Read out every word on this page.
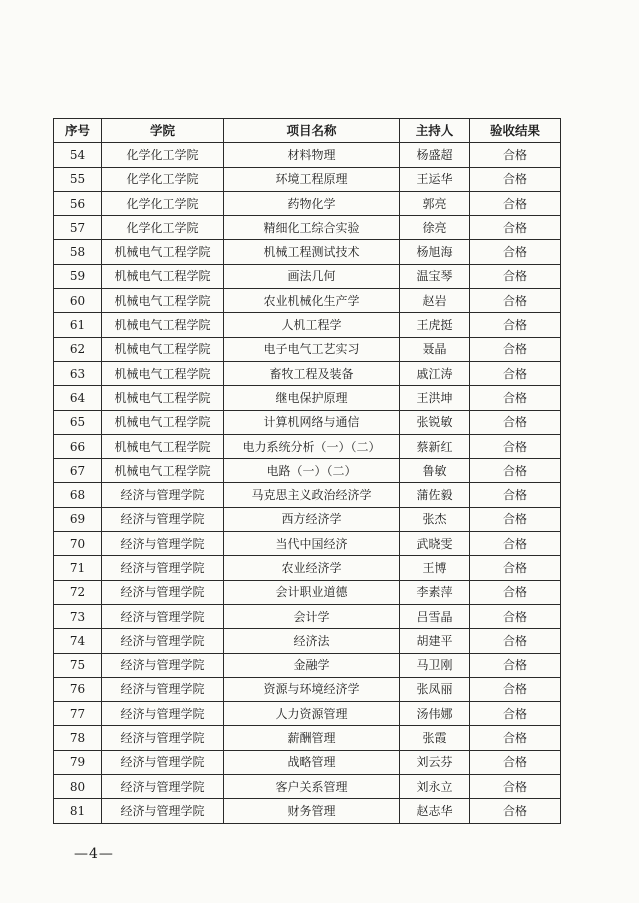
序号	学院	项目名称	主持人	验收结果
54	化学化工学院	材料物理	杨盛超	合格
55	化学化工学院	环境工程原理	王运华	合格
56	化学化工学院	药物化学	郭亮	合格
57	化学化工学院	精细化工综合实验	徐亮	合格
58	机械电气工程学院	机械工程测试技术	杨旭海	合格
59	机械电气工程学院	画法几何	温宝琴	合格
60	机械电气工程学院	农业机械化生产学	赵岩	合格
61	机械电气工程学院	人机工程学	王虎挺	合格
62	机械电气工程学院	电子电气工艺实习	聂晶	合格
63	机械电气工程学院	畜牧工程及装备	戚江涛	合格
64	机械电气工程学院	继电保护原理	王洪坤	合格
65	机械电气工程学院	计算机网络与通信	张锐敏	合格
66	机械电气工程学院	电力系统分析（一）（二）	蔡新红	合格
67	机械电气工程学院	电路（一）（二）	鲁敏	合格
68	经济与管理学院	马克思主义政治经济学	蒲佐毅	合格
69	经济与管理学院	西方经济学	张杰	合格
70	经济与管理学院	当代中国经济	武晓雯	合格
71	经济与管理学院	农业经济学	王博	合格
72	经济与管理学院	会计职业道德	李素萍	合格
73	经济与管理学院	会计学	吕雪晶	合格
74	经济与管理学院	经济法	胡建平	合格
75	经济与管理学院	金融学	马卫刚	合格
76	经济与管理学院	资源与环境经济学	张凤丽	合格
77	经济与管理学院	人力资源管理	汤伟娜	合格
78	经济与管理学院	薪酬管理	张霞	合格
79	经济与管理学院	战略管理	刘云芬	合格
80	经济与管理学院	客户关系管理	刘永立	合格
81	经济与管理学院	财务管理	赵志华	合格
—4—
